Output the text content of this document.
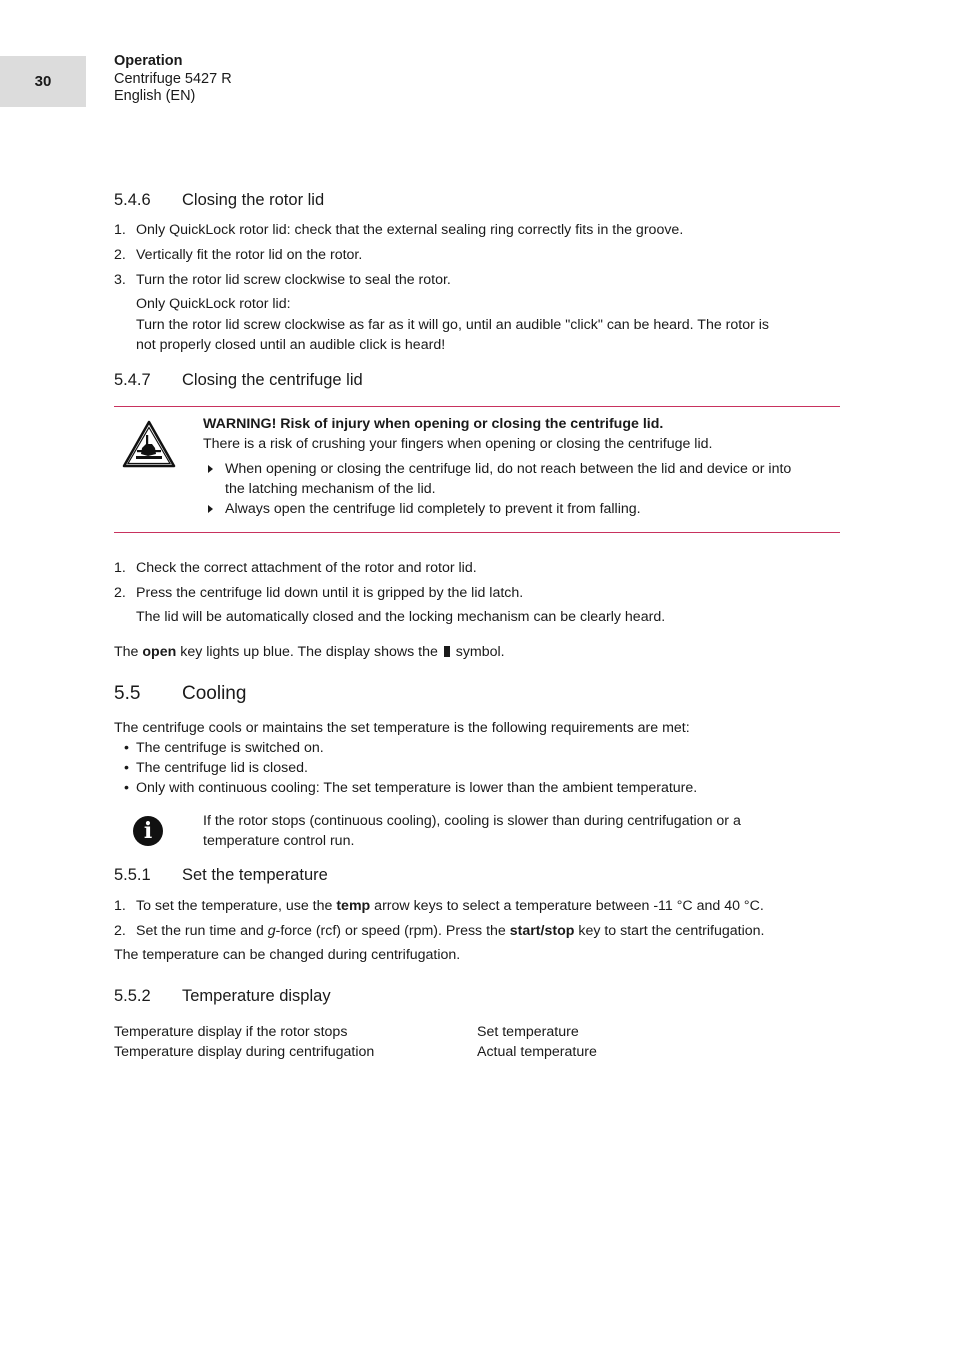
30
Operation
Centrifuge 5427 R
English (EN)
5.4.6 Closing the rotor lid
1. Only QuickLock rotor lid: check that the external sealing ring correctly fits in the groove.
2. Vertically fit the rotor lid on the rotor.
3. Turn the rotor lid screw clockwise to seal the rotor.
Only QuickLock rotor lid:
Turn the rotor lid screw clockwise as far as it will go, until an audible "click" can be heard. The rotor is
not properly closed until an audible click is heard!
5.4.7 Closing the centrifuge lid
WARNING! Risk of injury when opening or closing the centrifuge lid.
There is a risk of crushing your fingers when opening or closing the centrifuge lid.
When opening or closing the centrifuge lid, do not reach between the lid and device or into
the latching mechanism of the lid.
Always open the centrifuge lid completely to prevent it from falling.
1. Check the correct attachment of the rotor and rotor lid.
2. Press the centrifuge lid down until it is gripped by the lid latch.
The lid will be automatically closed and the locking mechanism can be clearly heard.
The open key lights up blue. The display shows the  symbol.
5.5 Cooling
The centrifuge cools or maintains the set temperature is the following requirements are met:
• The centrifuge is switched on.
• The centrifuge lid is closed.
• Only with continuous cooling: The set temperature is lower than the ambient temperature.
i	If the rotor stops (continuous cooling), cooling is slower than during centrifugation or a
temperature control run.
5.5.1 Set the temperature
1. To set the temperature, use the temp arrow keys to select a temperature between -11 °C and 40 °C.
2. Set the run time and g-force (rcf) or speed (rpm). Press the start/stop key to start the centrifugation.
The temperature can be changed during centrifugation.
5.5.2 Temperature display
Temperature display if the rotor stops	Set temperature
Temperature display during centrifugation	Actual temperature
